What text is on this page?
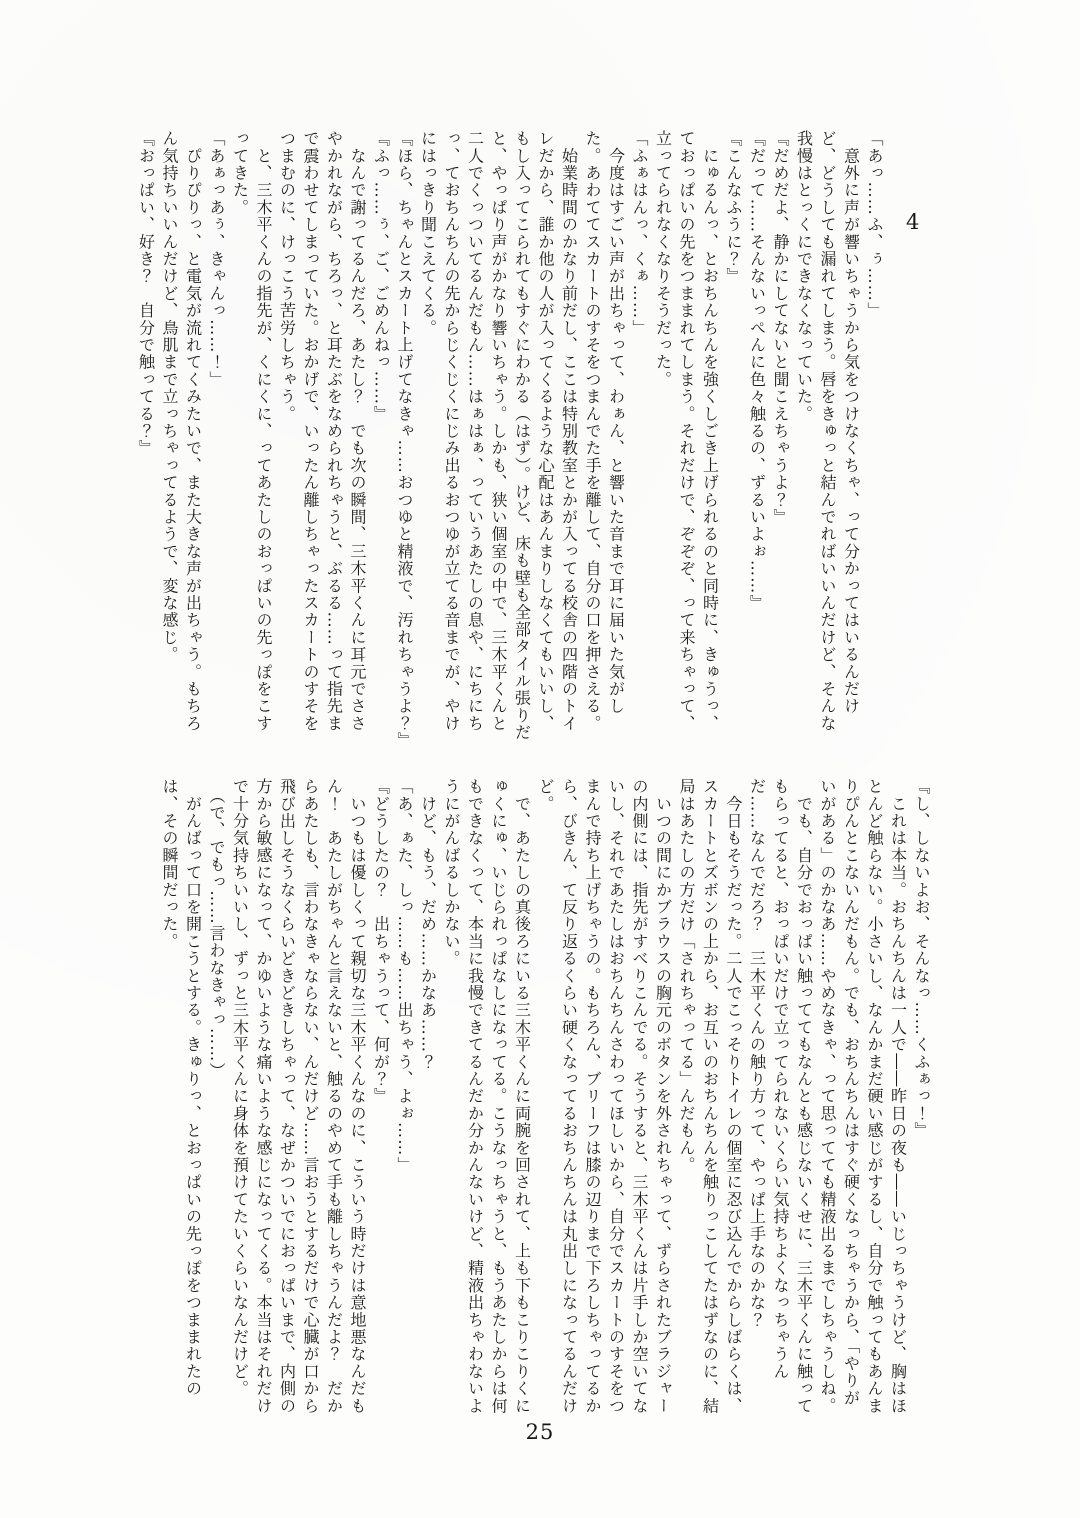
4

「あっ……ふ、ぅ……」

　意外に声が響いちゃうから気をつけなくちゃ、って分かってはいるんだけど、どうしても漏れてしまう。唇をきゅっと結んでればいいんだけど、そんな我慢はとっくにできなくなっていた。

『だめだよ、静かにしてないと聞こえちゃうよ？』

『だって……そんないっぺんに色々触るの、ずるいよぉ……』

『こんなふうに？』

　にゅるんっ、とおちんちんを強くしごき上げられるのと同時に、きゅうっ、ておっぱいの先をつままれてしまう。それだけで、ぞぞぞ、って来ちゃって、立ってられなくなりそうだった。

「ふぁはんっ、くぁ……」

　今度はすごい声が出ちゃって、わぁん、と響いた音まで耳に届いた気がした。あわててスカートのすそをつまんでた手を離して、自分の口を押さえる。

　始業時間のかなり前だし、ここは特別教室とかが入ってる校舎の四階のトイレだから、誰か他の人が入ってくるような心配はあんまりしなくてもいいし、もし入ってこられてもすぐにわかる（はず）。けど、床も壁も全部タイル張りだと、やっぱり声がかなり響いちゃう。しかも、狭い個室の中で、三木平くんと二人でくっついてるんだもん……はぁはぁ、っていうあたしの息や、にちにちっ、ておちんちんの先からじくじくにじみ出るおつゆが立てる音までが、やけにはっきり聞こえてくる。

『ほら、ちゃんとスカート上げてなきゃ……おつゆと精液で、汚れちゃうよ？』

『ふっ……ぅ、ご、ごめんねっ……』

　なんで謝ってるんだろ、あたし？　でも次の瞬間、三木平くんに耳元でささやかれながら、ちろっ、と耳たぶをなめられちゃうと、ぶるる……って指先まで震わせてしまっていた。おかげで、いったん離しちゃったスカートのすそをつまむのに、けっこう苦労しちゃう。

　と、三木平くんの指先が、くにくに、ってあたしのおっぱいの先っぽをこすってきた。

「あぁっあぅ、きゃんっ……！」

　ぴりぴりっ、と電気が流れてくみたいで、また大きな声が出ちゃう。もちろん気持ちいいんだけど、鳥肌まで立っちゃってるようで、変な感じ。

『おっぱい、好き？　自分で触ってる？』

『し、しないよお、そんなっ……くふぁっ！』

　これは本当。おちんちんは一人で――昨日の夜も――いじっちゃうけど、胸はほとんど触らない。小さいし、なんかまだ硬い感じがするし、自分で触ってもあんまりぴんとこないんだもん。でも、おちんちんはすぐ硬くなっちゃうから、「やりがいがある」のかなあ……やめなきゃ、って思ってても精液出るまでしちゃうしね。

　でも、自分でおっぱい触っててもなんとも感じないくせに、三木平くんに触ってもらってると、おっぱいだけで立ってられないくらい気持ちよくなっちゃうんだ……なんでだろ？　三木平くんの触り方って、やっぱ上手なのかな？

　今日もそうだった。二人でこっそりトイレの個室に忍び込んでからしばらくは、スカートとズボンの上から、お互いのおちんちんを触りっこしてたはずなのに、結局はあたしの方だけ「されちゃってる」んだもん。

　いつの間にかブラウスの胸元のボタンを外されちゃって、ずらされたブラジャーの内側には、指先がすべりこんでる。そうすると、三木平くんは片手しか空いてないし、それであたしはおちんちんさわってほしいから、自分でスカートのすそをつまんで持ち上げちゃうの。もちろん、ブリーフは膝の辺りまで下ろしちゃってるから、びきん、て反り返るくらい硬くなってるおちんちんは丸出しになってるんだけど。

　で、あたしの真後ろにいる三木平くんに両腕を回されて、上も下もこりこりくにゅくにゅ、いじられっぱなしになってる。こうなっちゃうと、もうあたしからは何もできなくって、本当に我慢できてるんだか分かんないけど、精液出ちゃわないようにがんばるしかない。

　けど、もう、だめ……かなあ……？

「あ、ぁた、しっ……も……出ちゃう、よぉ……」

『どうしたの？　出ちゃうって、何が？』

　いつもは優しくって親切な三木平くんなのに、こういう時だけは意地悪なんだもん！　あたしがちゃんと言えないと、触るのやめて手も離しちゃうんだよ？　だからあたしも、言わなきゃならない、んだけど……言おうとするだけで心臓が口から飛び出しそうなくらいどきどきしちゃって、なぜかついでにおっぱいまで、内側の方から敏感になって、かゆいような痛いような感じになってくる。本当はそれだけで十分気持ちいいし、ずっと三木平くんに身体を預けてたいくらいなんだけど。

　（で、でもっ……言わなきゃっ……）

　がんばって口を開こうとする。きゅりっ、とおっぱいの先っぽをつままれたのは、その瞬間だった。

25
